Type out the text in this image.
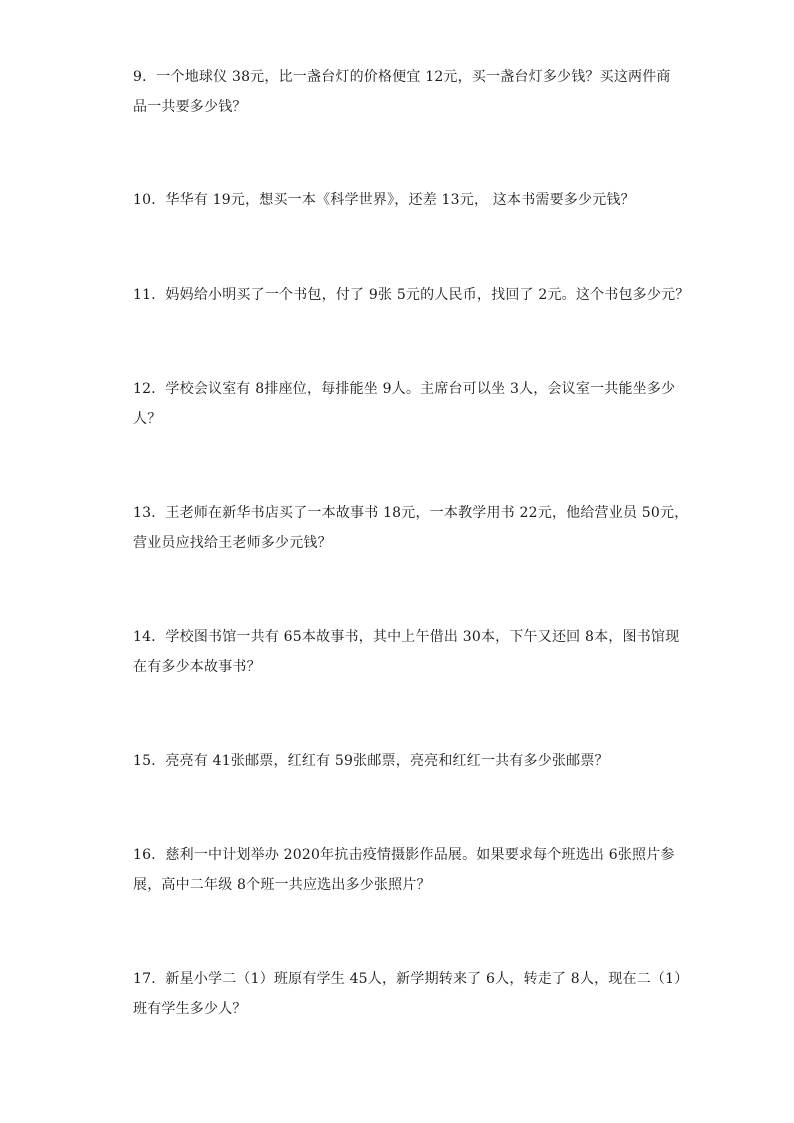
9．一个地球仪 38元，比一盏台灯的价格便宜 12元，买一盏台灯多少钱？买这两件商

品一共要多少钱？

10．华华有 19元，想买一本《科学世界》，还差 13元， 这本书需要多少元钱？

11．妈妈给小明买了一个书包，付了 9张 5元的人民币，找回了 2元。这个书包多少元？

12．学校会议室有 8排座位，每排能坐 9人。主席台可以坐 3人，会议室一共能坐多少

人？

13．王老师在新华书店买了一本故事书 18元，一本教学用书 22元，他给营业员 50元，

营业员应找给王老师多少元钱？

14．学校图书馆一共有 65本故事书，其中上午借出 30本，下午又还回 8本，图书馆现

在有多少本故事书？

15．亮亮有 41张邮票，红红有 59张邮票，亮亮和红红一共有多少张邮票？

16．慈利一中计划举办 2020年抗击疫情摄影作品展。如果要求每个班选出 6张照片参

展，高中二年级 8个班一共应选出多少张照片？

17．新星小学二（1）班原有学生 45人，新学期转来了 6人，转走了 8人，现在二（1）

班有学生多少人？
